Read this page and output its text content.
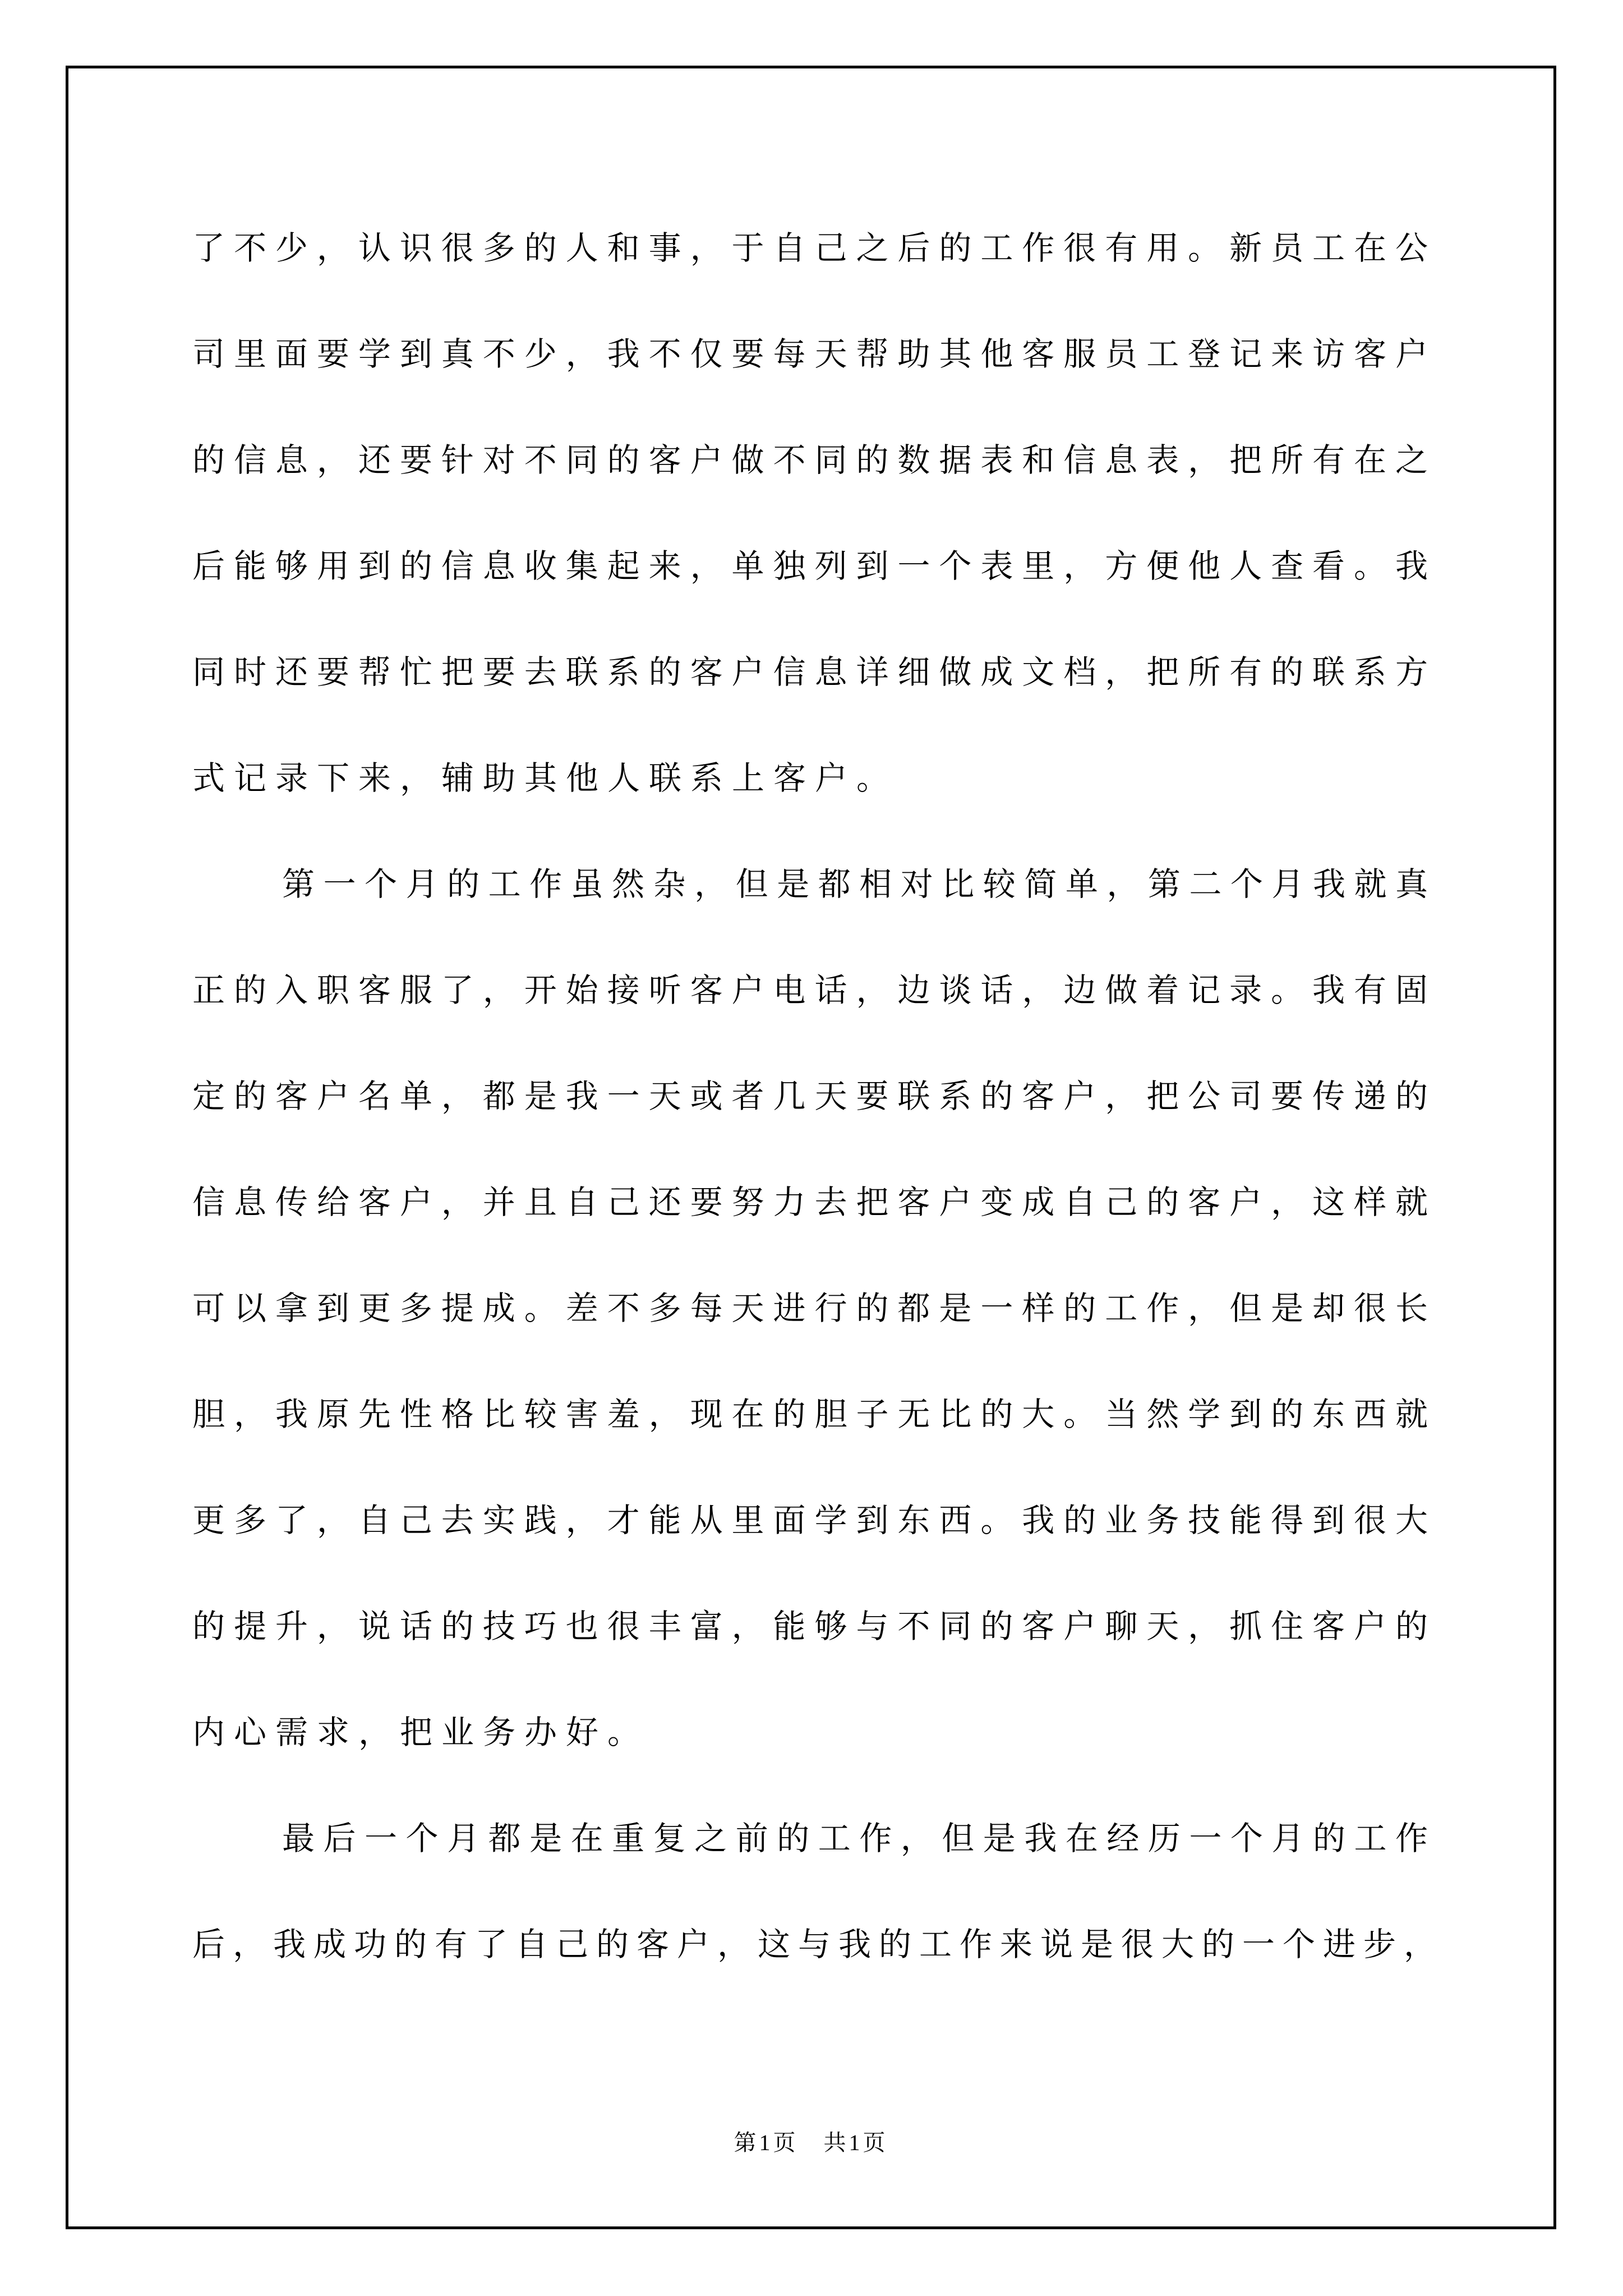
了不少，认识很多的人和事，于自己之后的工作很有用。新员工在公
司里面要学到真不少，我不仅要每天帮助其他客服员工登记来访客户
的信息，还要针对不同的客户做不同的数据表和信息表，把所有在之
后能够用到的信息收集起来，单独列到一个表里，方便他人查看。我
同时还要帮忙把要去联系的客户信息详细做成文档，把所有的联系方
式记录下来，辅助其他人联系上客户。
第一个月的工作虽然杂，但是都相对比较简单，第二个月我就真
正的入职客服了，开始接听客户电话，边谈话，边做着记录。我有固
定的客户名单，都是我一天或者几天要联系的客户，把公司要传递的
信息传给客户，并且自己还要努力去把客户变成自己的客户，这样就
可以拿到更多提成。差不多每天进行的都是一样的工作，但是却很长
胆，我原先性格比较害羞，现在的胆子无比的大。当然学到的东西就
更多了，自己去实践，才能从里面学到东西。我的业务技能得到很大
的提升，说话的技巧也很丰富，能够与不同的客户聊天，抓住客户的
内心需求，把业务办好。
最后一个月都是在重复之前的工作，但是我在经历一个月的工作
后，我成功的有了自己的客户，这与我的工作来说是很大的一个进步，
第1页　共1页
